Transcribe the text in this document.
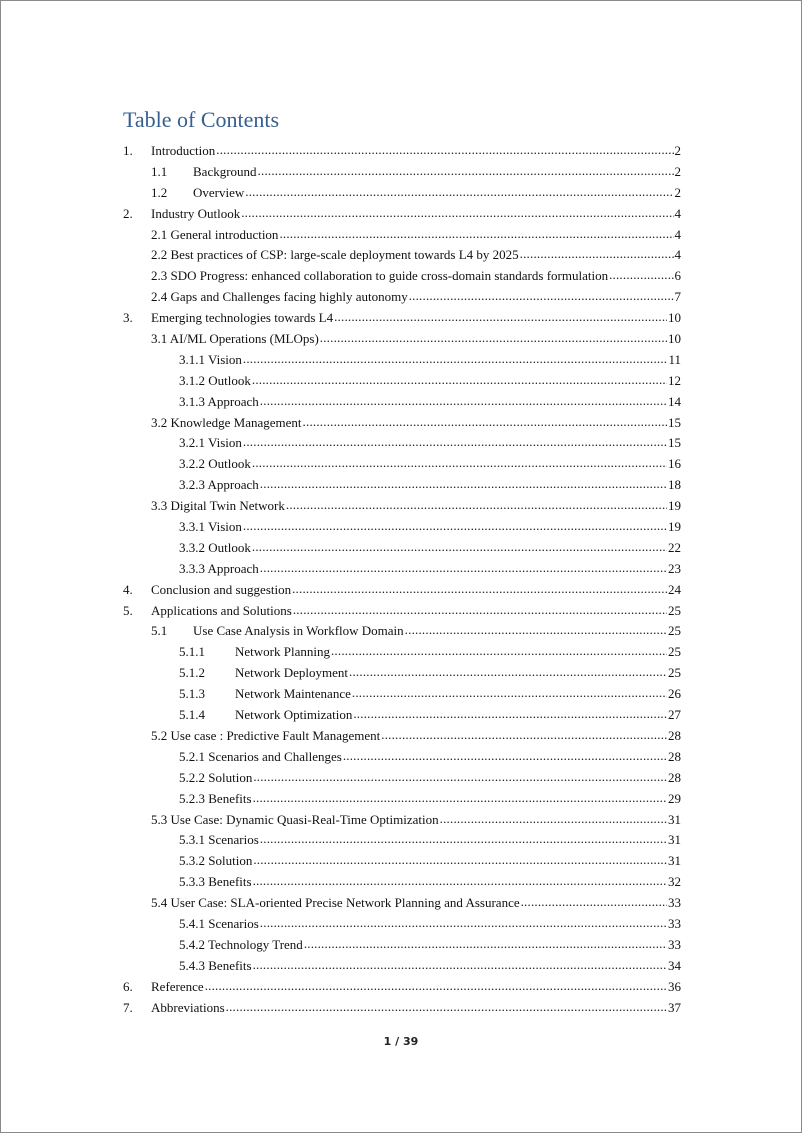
Table of Contents
1.	Introduction .....	2
1.1	Background .....	2
1.2	Overview .....	2
2.	Industry Outlook .....	4
2.1 General introduction .....	4
2.2 Best practices of CSP: large-scale deployment towards L4 by 2025 .....	4
2.3 SDO Progress: enhanced collaboration to guide cross-domain standards formulation .....	6
2.4 Gaps and Challenges facing highly autonomy .....	7
3.	Emerging technologies towards L4 .....	10
3.1 AI/ML Operations (MLOps) .....	10
3.1.1 Vision .....	11
3.1.2 Outlook .....	12
3.1.3 Approach .....	14
3.2 Knowledge Management .....	15
3.2.1 Vision .....	15
3.2.2 Outlook .....	16
3.2.3 Approach .....	18
3.3 Digital Twin Network .....	19
3.3.1 Vision .....	19
3.3.2 Outlook .....	22
3.3.3 Approach .....	23
4.	Conclusion and suggestion .....	24
5.	Applications and Solutions .....	25
5.1	Use Case Analysis in Workflow Domain .....	25
5.1.1	Network Planning .....	25
5.1.2	Network Deployment .....	25
5.1.3	Network Maintenance .....	26
5.1.4	Network Optimization .....	27
5.2 Use case : Predictive Fault Management .....	28
5.2.1 Scenarios and Challenges .....	28
5.2.2 Solution .....	28
5.2.3 Benefits .....	29
5.3 Use Case: Dynamic Quasi-Real-Time Optimization .....	31
5.3.1 Scenarios .....	31
5.3.2 Solution .....	31
5.3.3 Benefits .....	32
5.4 User Case: SLA-oriented Precise Network Planning and Assurance .....	33
5.4.1 Scenarios .....	33
5.4.2 Technology Trend .....	33
5.4.3 Benefits .....	34
6.	Reference .....	36
7.	Abbreviations .....	37
1 / 39
